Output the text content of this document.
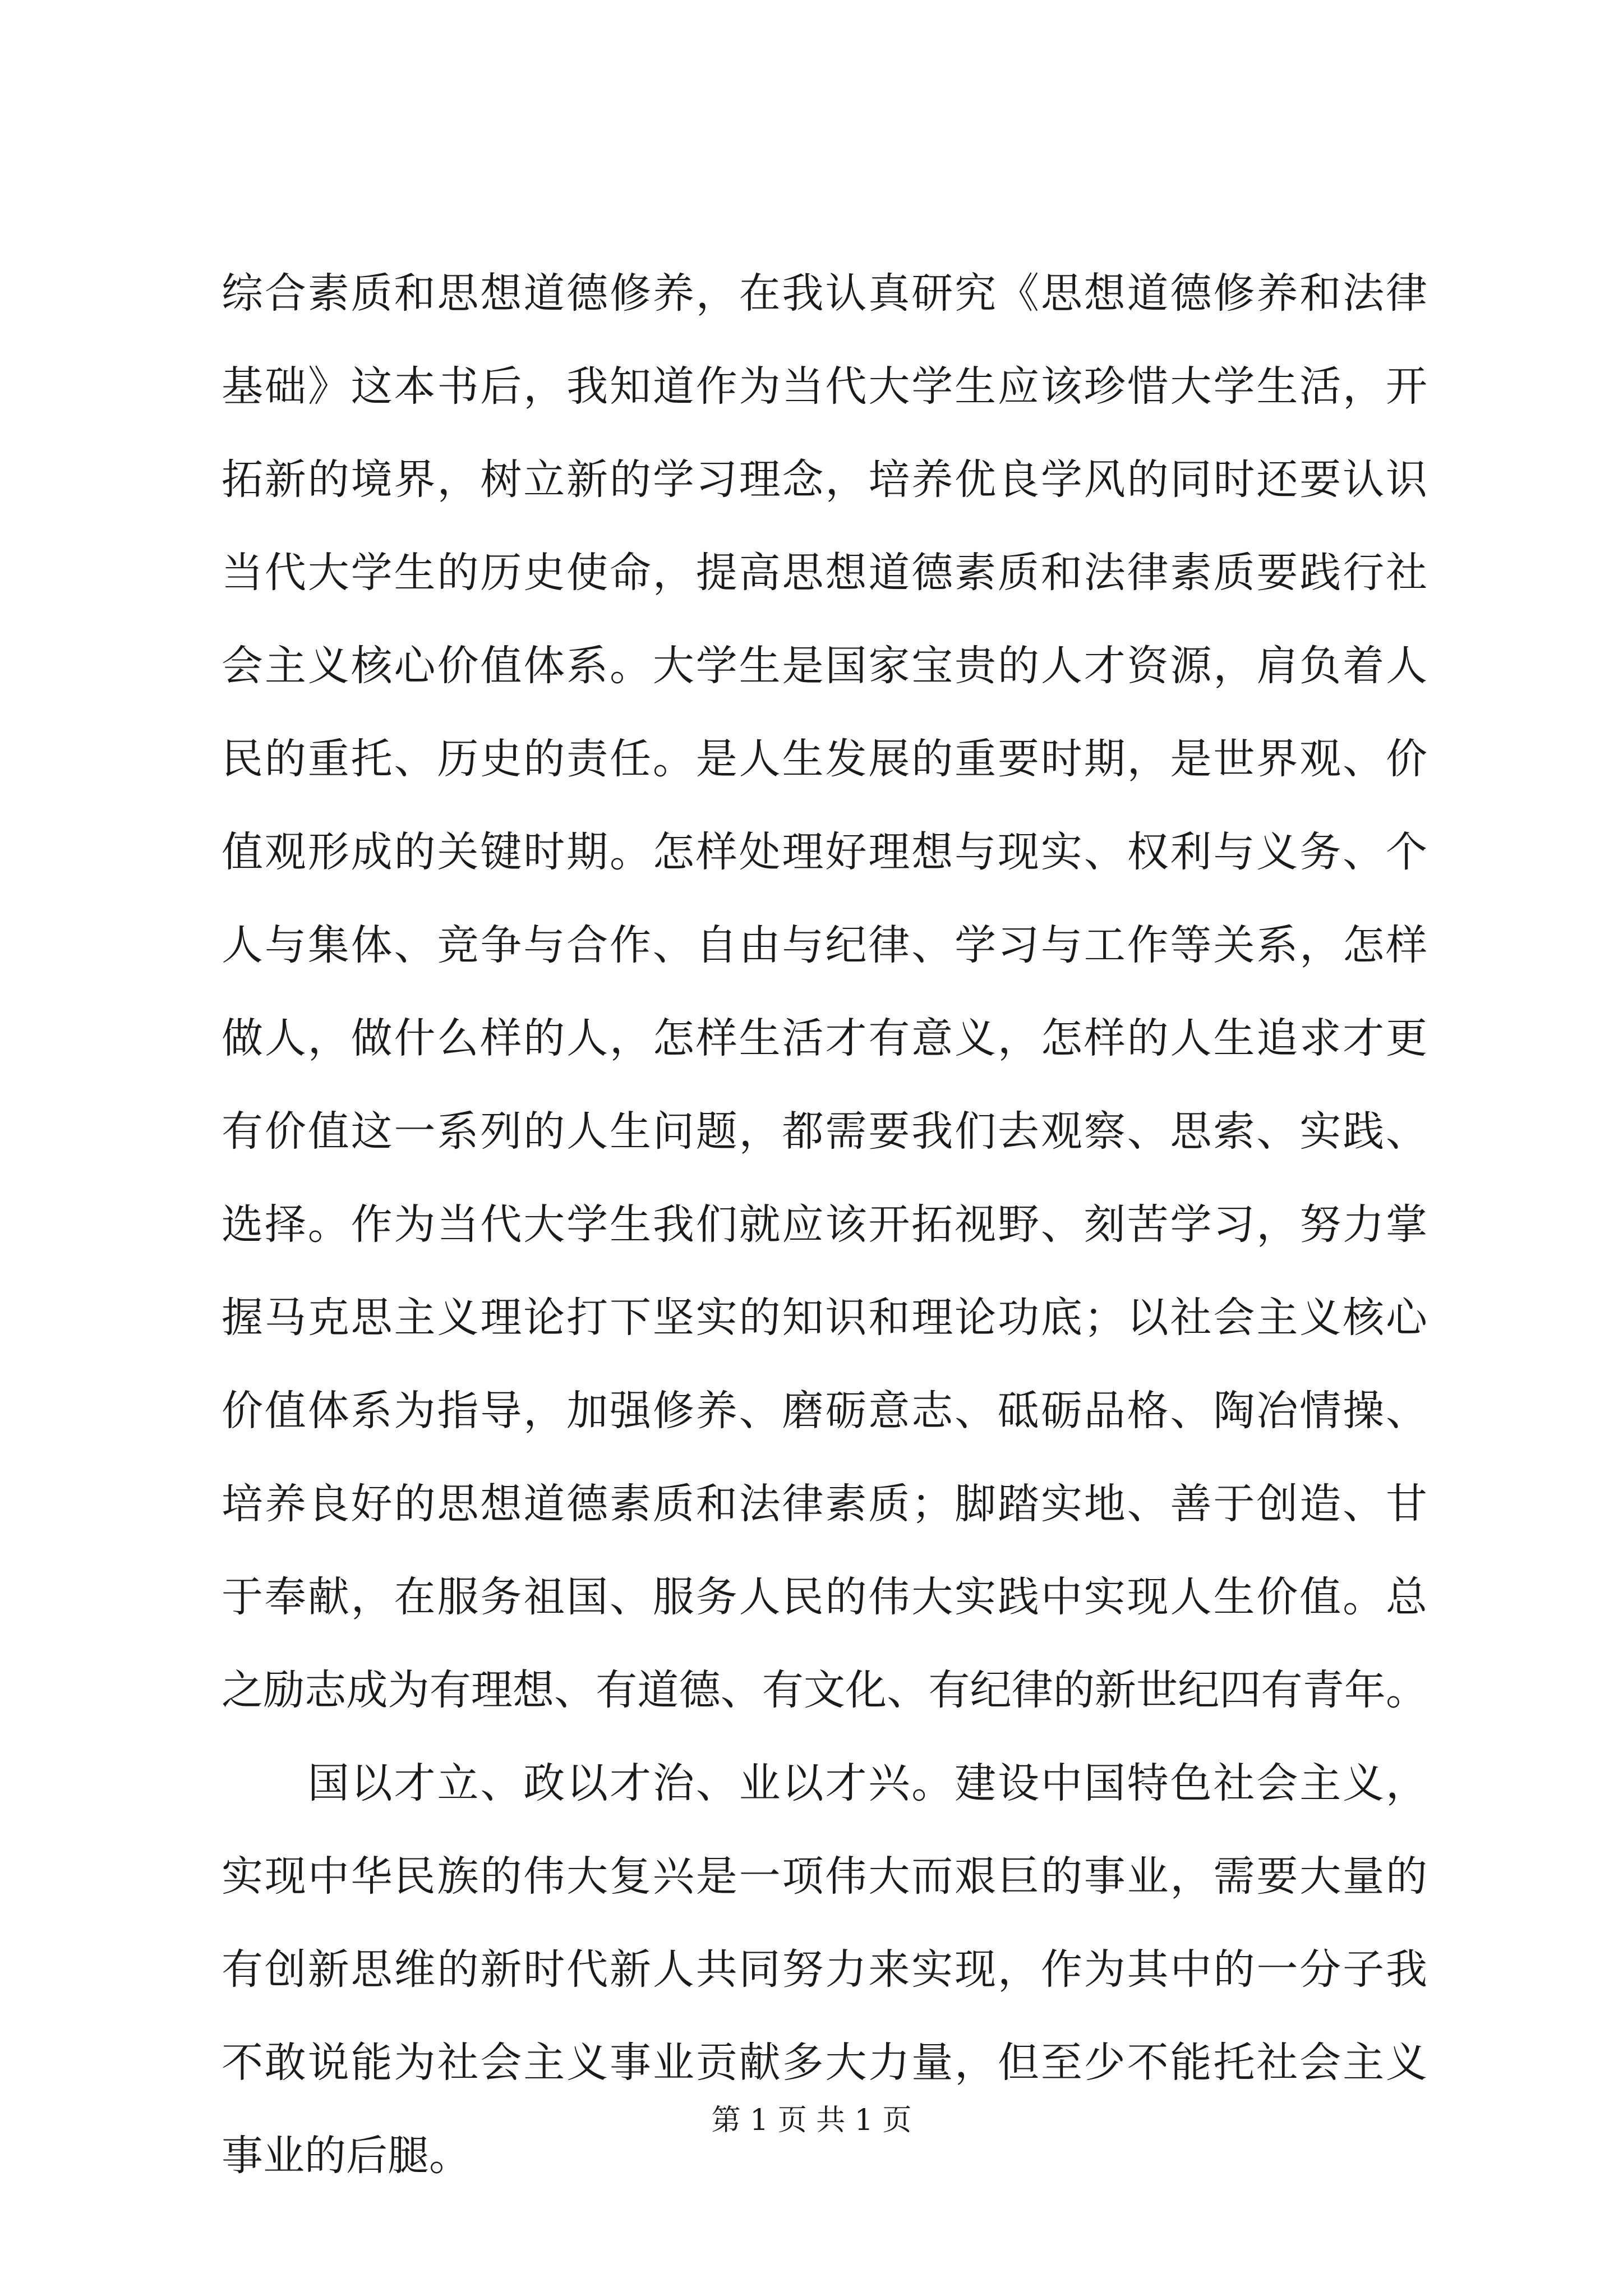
综合素质和思想道德修养，在我认真研究《思想道德修养和法律
基础》这本书后，我知道作为当代大学生应该珍惜大学生活，开
拓新的境界，树立新的学习理念，培养优良学风的同时还要认识
当代大学生的历史使命，提高思想道德素质和法律素质要践行社
会主义核心价值体系。大学生是国家宝贵的人才资源，肩负着人
民的重托、历史的责任。是人生发展的重要时期，是世界观、价
值观形成的关键时期。怎样处理好理想与现实、权利与义务、个
人与集体、竞争与合作、自由与纪律、学习与工作等关系，怎样
做人，做什么样的人，怎样生活才有意义，怎样的人生追求才更
有价值这一系列的人生问题，都需要我们去观察、思索、实践、
选择。作为当代大学生我们就应该开拓视野、刻苦学习，努力掌
握马克思主义理论打下坚实的知识和理论功底；以社会主义核心
价值体系为指导，加强修养、磨砺意志、砥砺品格、陶冶情操、
培养良好的思想道德素质和法律素质；脚踏实地、善于创造、甘
于奉献，在服务祖国、服务人民的伟大实践中实现人生价值。总
之励志成为有理想、有道德、有文化、有纪律的新世纪四有青年。
　　国以才立、政以才治、业以才兴。建设中国特色社会主义，
实现中华民族的伟大复兴是一项伟大而艰巨的事业，需要大量的
有创新思维的新时代新人共同努力来实现，作为其中的一分子我
不敢说能为社会主义事业贡献多大力量，但至少不能托社会主义
事业的后腿。
第 1 页 共 1 页
